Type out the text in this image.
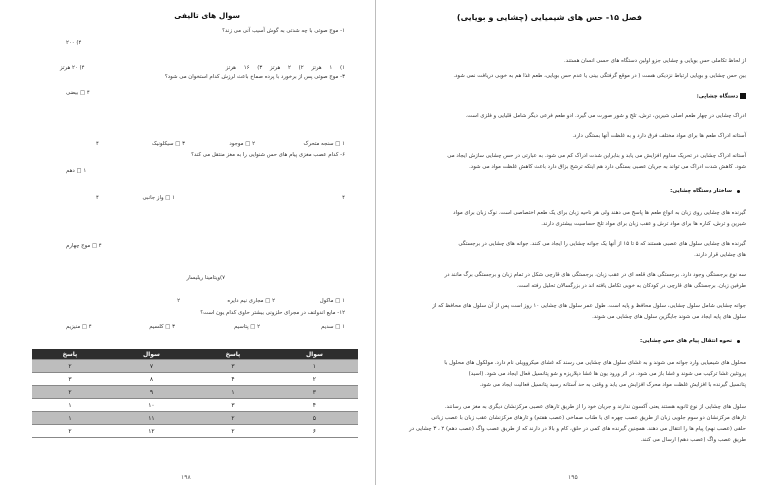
سوال های تالیفی
۱- موج صوتی با چه شدتی به گوش آسیب آنی می زند؟
۴) ۲۰۰
۱) ۱ هرتز ۲) ۲ هرتز ۳) ۱۶ هرتز
۴) ۲۰ هرتز
۳- موج صوتی پس از برخورد با پرده صماخ باعث لرزش کدام استخوان می شود؟
۴ □ بیضی
۱ □ سنجه متحرک
۲ □ موجود
۳ □ سیکلونیک
۴
۶- کدام عصب مغزی پیام های حس شنوایی را به مغز منتقل می کند؟
۱ □ دهم
۴	۱ □ واز جانبی	۴
۴ □ موج چهارم
۷)ویتامینا ریلیسار
۱ □ ماکول
۲ □ مجاری نیم دایره
۲
۱۲- مایع اندولنف در مجرای حلزونی بیشتر حاوی کدام یون است؟
۱ □ سدیم
۲ □ پتاسیم
۳ □ کلسیم
۴ □ منیزیم
سوال	پاسخ	سوال	پاسخ
۱	۳	۷	۲
۲	۴	۸	۳
۳	۱	۹	۲
۴	۳	۱۰	۱
۵	۲	۱۱	۱
۶	۲	۱۲	۲
۱۹۸
فصل ۱۵- حس های شیمیایی (چشایی و بویایی)
از لحاظ تکاملی حس بویایی و چشایی جزو اولین دستگاه های حسی انسان هستند.
بین حس چشایی و بویایی ارتباط نزدیکی هست ( در موقع گرفتگی بینی یا عدم حس بویایی، طعم غذا هم به خوبی دریافت نمی شود.
دستگاه چشایی:
ادراک چشایی در چهار طعم اصلی شیرین، ترش، تلخ و شور صورت می گیرد. ادو طعم فرعی دیگر شامل قلیایی و فلزی است.
آستانه ادراک طعم ها برای مواد مختلف فرق دارد و به غلظت آنها بستگی دارد.
آستانه ادراک چشایی در تحریک مداوم افزایش می یابد و بنابراین شدت ادراک کم می شود. به عبارتی در حس چشایی سازش ایجاد می
شود. کاهش شدت ادراک می تواند به جریان عصبی بستگی دارد هم اینکه ترشح بزاق دارد باعث کاهش غلظت مواد می شود.
ساختار دستگاه چشایی:
گیرنده های چشایی روی زبان به انواع طعم ها پاسخ می دهند ولی هر ناحیه زبان برای یک طعم اختصاصی است. نوک زبان برای مواد
شیرین و ترش، کناره ها برای مواد ترش و عقب زبان برای مواد تلخ حساسیت بیشتری دارند.
گیرنده های چشایی سلول های عصبی هستند که ۵ تا ۱۵ از آنها یک جوانه چشایی را ایجاد می کنند. جوانه های چشایی در برجستگی
های چشایی قرار دارند.
سه نوع برجستگی وجود دارد. برجستگی های قلعه ای در عقب زبان، برجستگی های قارچی شکل در تمام زبان و برجستگی برگ مانند در
طرفین زبان. برجستگی های قارچی در کودکان به خوبی تکامل یافته اند در بزرگسالان تحلیل رفته است.
جوانه چشایی شامل سلول چشایی، سلول محافظ و پایه است. طول عمر سلول های چشایی ۱۰ روز است پس از آن سلول های محافظ که از
سلول های پایه ایجاد می شوند جایگزین سلول های چشایی می شوند.
نحوه انتقال پیام های حس چشایی:
محلول های شیمیایی وارد جوانه می شوند و به غشای سلول های چشایی می رسند که غشای میکروویلی نام دارد. مولکول های محلول با
پروتئین غشا ترکیب می شوند و غشا باز می شود. در اثر ورود یون ها غشا دپلاریزه و شو پتانسیل فعال ایجاد می شود. (اسید)
پتانسیل گیرنده با افزایش غلظت مواد محرک افزایش می یابد و وقتی به حد آستانه رسید پتانسیل فعالیت ایجاد می شود.
سلول های چشایی از نوع ثانویه هستند یعنی آکسون ندارند و جریان خود را از طریق تارهای عصبی مرکزنشان دیگری به مغز می رسانند.
تارهای مرکزنشان دو سوم جلویی زبان از طریق عصب چهره ای یا طناب صماخی (عصب هفتم) و تارهای مرکزنشان عقب زبان با عصب زبانی
حلقی (عصب نهم) پیام ها را انتقال می دهند. همچنین گیرنده های کمی در حلق، کام و بالا در دارند که از طریق عصب واگ (عصب دهم) ۲ ، ۳ چشایی در
طریق عصب واگ (عصب دهم) ارسال می کنند.
۱۹۵
